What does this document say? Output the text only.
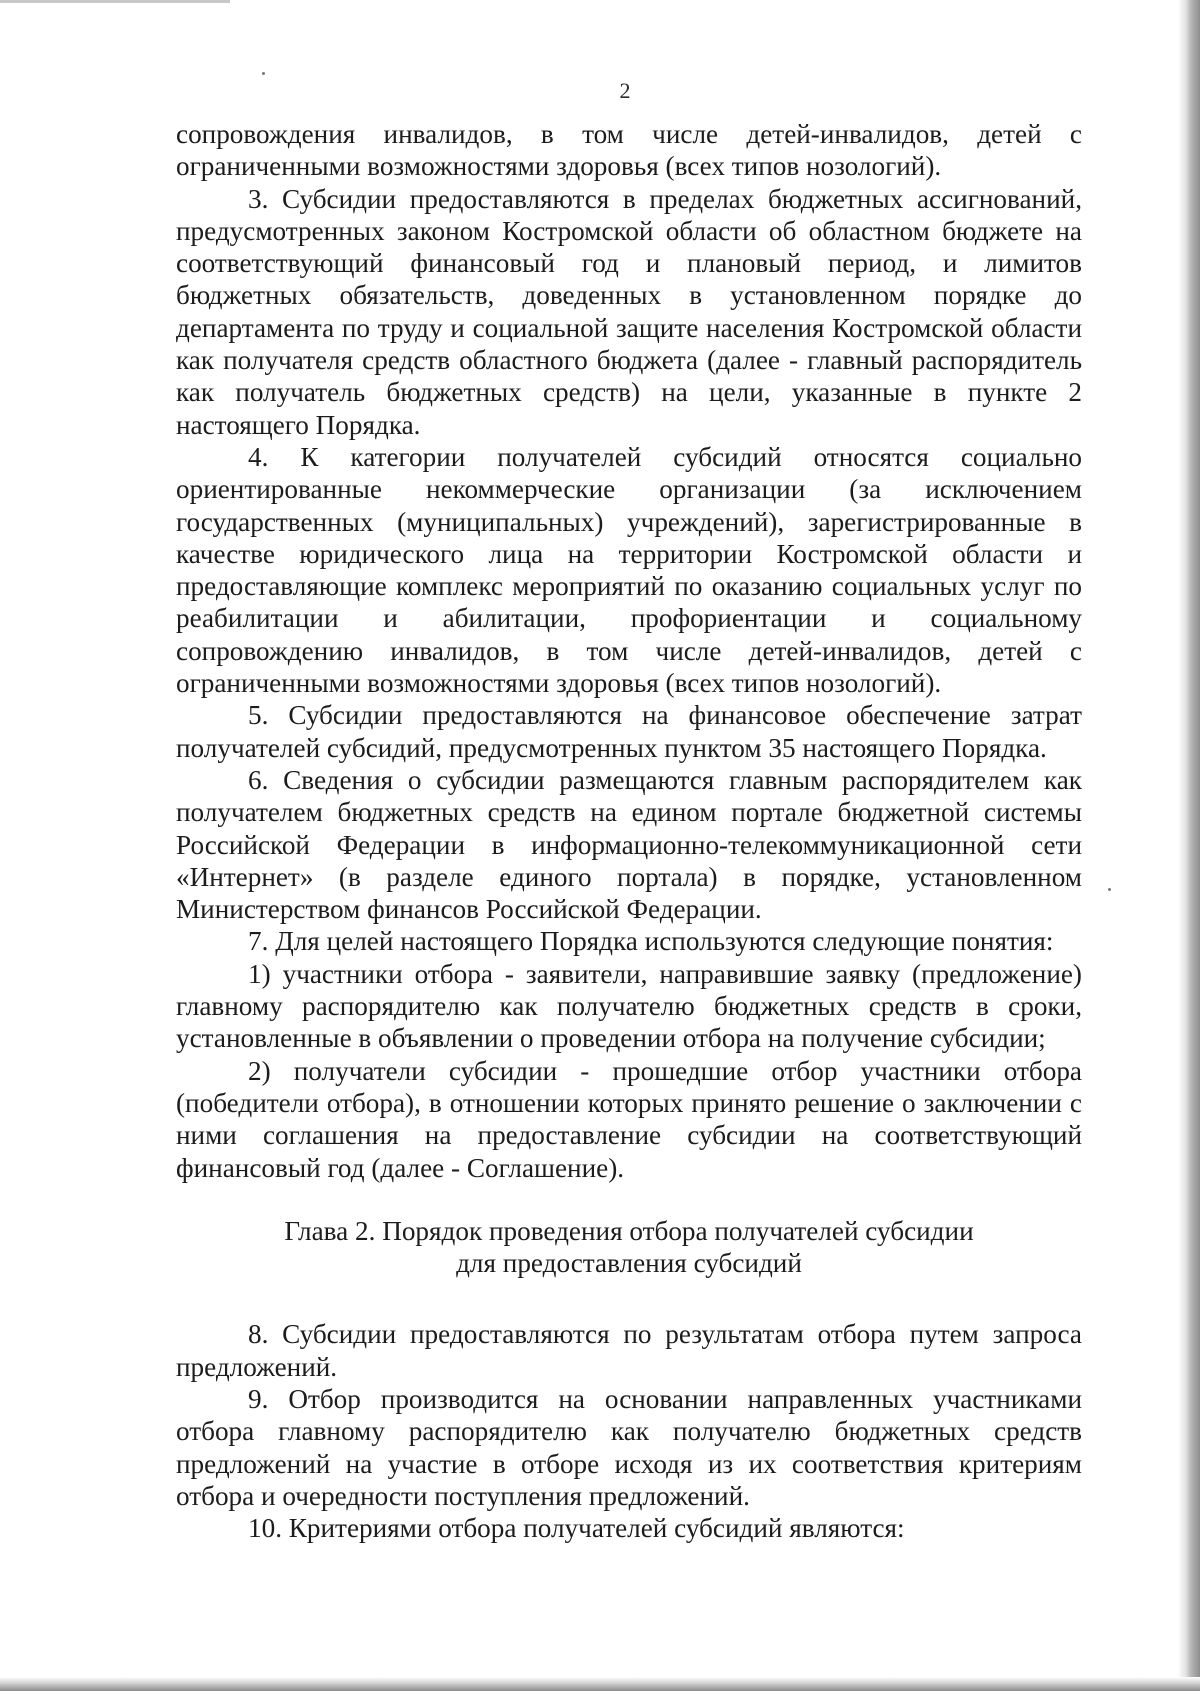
2

сопровождения инвалидов, в том числе детей-инвалидов, детей с ограниченными возможностями здоровья (всех типов нозологий).

3. Субсидии предоставляются в пределах бюджетных ассигнований, предусмотренных законом Костромской области об областном бюджете на соответствующий финансовый год и плановый период, и лимитов бюджетных обязательств, доведенных в установленном порядке до департамента по труду и социальной защите населения Костромской области как получателя средств областного бюджета (далее - главный распорядитель как получатель бюджетных средств) на цели, указанные в пункте 2 настоящего Порядка.

4. К категории получателей субсидий относятся социально ориентированные некоммерческие организации (за исключением государственных (муниципальных) учреждений), зарегистрированные в качестве юридического лица на территории Костромской области и предоставляющие комплекс мероприятий по оказанию социальных услуг по реабилитации и абилитации, профориентации и социальному сопровождению инвалидов, в том числе детей-инвалидов, детей с ограниченными возможностями здоровья (всех типов нозологий).

5. Субсидии предоставляются на финансовое обеспечение затрат получателей субсидий, предусмотренных пунктом 35 настоящего Порядка.

6. Сведения о субсидии размещаются главным распорядителем как получателем бюджетных средств на едином портале бюджетной системы Российской Федерации в информационно-телекоммуникационной сети «Интернет» (в разделе единого портала) в порядке, установленном Министерством финансов Российской Федерации.

7. Для целей настоящего Порядка используются следующие понятия:

1) участники отбора - заявители, направившие заявку (предложение) главному распорядителю как получателю бюджетных средств в сроки, установленные в объявлении о проведении отбора на получение субсидии;

2) получатели субсидии - прошедшие отбор участники отбора (победители отбора), в отношении которых принято решение о заключении с ними соглашения на предоставление субсидии на соответствующий финансовый год (далее - Соглашение).

Глава 2. Порядок проведения отбора получателей субсидии
для предоставления субсидий

8. Субсидии предоставляются по результатам отбора путем запроса предложений.

9. Отбор производится на основании направленных участниками отбора главному распорядителю как получателю бюджетных средств предложений на участие в отборе исходя из их соответствия критериям отбора и очередности поступления предложений.

10. Критериями отбора получателей субсидий являются:
